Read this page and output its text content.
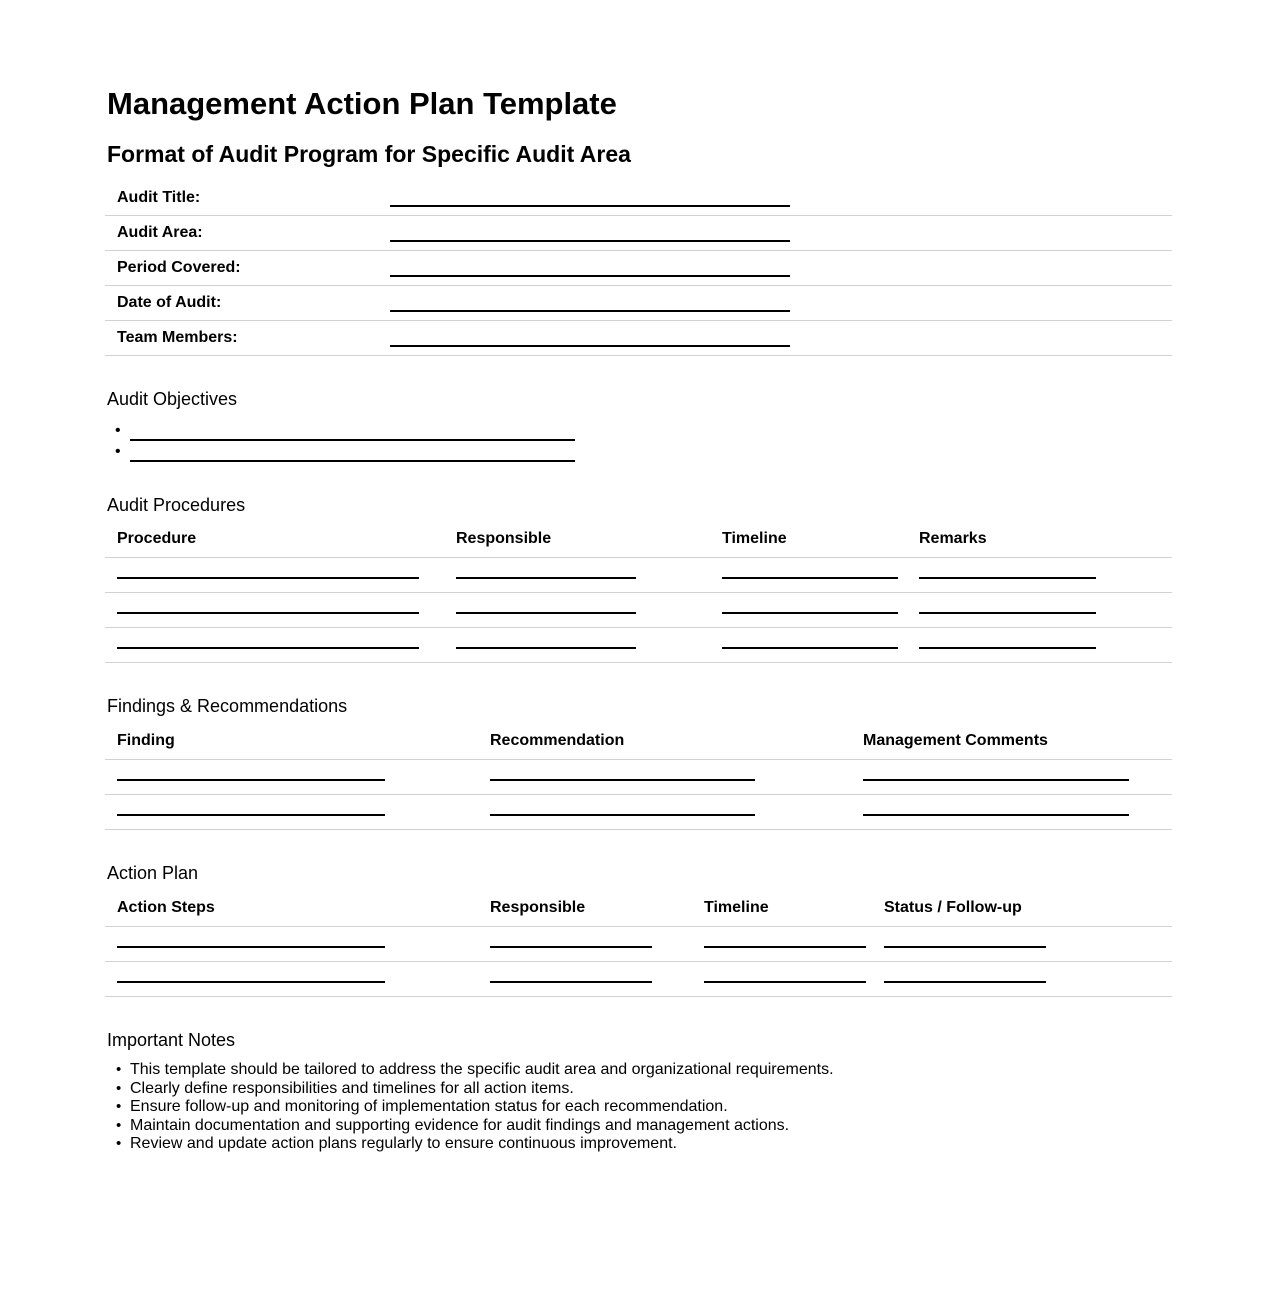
Management Action Plan Template
Format of Audit Program for Specific Audit Area
Audit Title:
Audit Area:
Period Covered:
Date of Audit:
Team Members:
Audit Objectives
•
•
Audit Procedures
Procedure	Responsible	Timeline	Remarks
Findings & Recommendations
Finding	Recommendation	Management Comments
Action Plan
Action Steps	Responsible	Timeline	Status / Follow-up
Important Notes
• This template should be tailored to address the specific audit area and organizational requirements.
• Clearly define responsibilities and timelines for all action items.
• Ensure follow-up and monitoring of implementation status for each recommendation.
• Maintain documentation and supporting evidence for audit findings and management actions.
• Review and update action plans regularly to ensure continuous improvement.
